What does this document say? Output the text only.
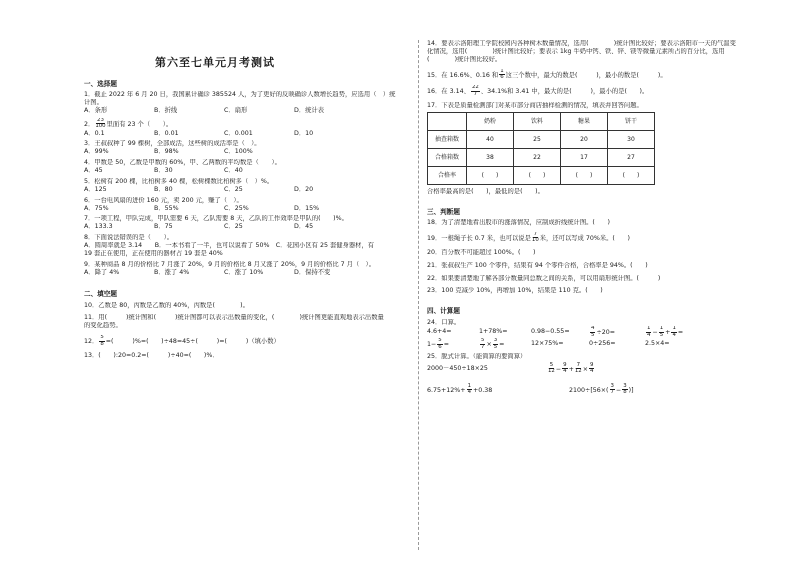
第六至七单元月考测试
一、选择题
1．截止 2022 年 6 月 20 日，我国累计确诊 385524 人，为了更好的反映确诊人数增长趋势，应选用（　）统
计图。
A．条形	B．折线	C．扇形	D．统计表
2． $\frac{23}{100}$ 里面有 23 个（　　）。
A．0.1	B．0.01	C．0.001	D．10
3．王叔叔种了 99 棵树，全部成活，这些树的成活率是（　）。
A．99%	B．98%	C．100%
4．甲数是 50，乙数是甲数的 60%，甲、乙两数的平均数是（　　）。
A．45	B．30	C．40
5．松树有 200 棵，比柏树多 40 棵，松树棵数比柏树多（　）%。
A．125	B．80	C．25	D．20
6．一台电风扇的进价 160 元，卖 200 元，赚了（　）。
A．75%	B．55%	C．25%	D．15%
7．一项工程，甲队完成，甲队需要 6 天，乙队需要 8 天，乙队的工作效率是甲队的(　　)%。
A．133.3	B．75	C．25	D．45
8．下面说法错误的是（　　）。
A．圆周率就是 3.14　　B．一本书看了一半，也可以说看了 50%　C．花园小区有 25 套健身器材，有
19 套正在使用，正在使用的器材占 19 套是 40%
9．某种商品 8 月的价格比 7 月涨了 20%，9 月的价格比 8 月又涨了 20%，9 月的价格比 7 月（　）。
A．降了 4%	B．涨了 4%	C．涨了 10%	D．保持不变
二、填空题
10．乙数是 80，丙数是乙数的 40%，丙数是(　　　　)。
11．用(　　　)统计图和(　　　)统计图都可以表示出数量的变化，(　　　　)统计图更能直观地表示出数量
的变化趋势。
12． $\frac{5}{8}$ =(　　　)%=(　　)÷48=45÷(　　　)=(　　　)（填小数）
13．(　　):20=0.2=(　　　)÷40=(　　)%．
14．要表示洛阳理工学院校园内各种树木数量情况，选用(　　　　)统计图比较好；要表示洛阳市一天的气温变
化情况，选用(　　　　)统计图比较好；要表示 1kg 牛奶中钙、铁、锌、镁等微量元素所占的百分比，选用
(　　　　)统计图比较好。
15．在 16.6%、0.16 和 $\frac{1}{6}$ 这三个数中，最大的数是(　　　)，最小的数是(　　　)。
16．在 3.14、 $\frac{22}{7}$ 、34.1%和 3.41 中，最大的是(　　　)，最小的是(　　)。
17．下表是质量检测部门对某市部分商店抽样检测的情况，填表并回答问题。
	奶粉	饮料	糖果	饼干
抽查箱数	40	25	20	30
合格箱数	38	22	17	27
合格率	(　　)	(　　)	(　　)	(　　)
合格率最高的是(　　)，最低的是(　　)。
三、判断题
18．为了清楚地看出股市的涨落情况，应制成折线统计图。(　　)
19．一根绳子长 0.7 米，也可以说是 $\frac{7}{10}$ 米，还可以写成 70%米。(　　)
20．百分数不可能超过 100%。(　　)
21．张叔叔生产 100 个零件，结果有 94 个零件合格，合格率是 94%。(　　)
22．如果要清楚地了解各部分数量同总数之间的关系，可以用扇形统计图。(　　　)
23．100 克减少 10%，再增加 10%，结果是 110 克。(　　)
四、计算题
24．口算。
4.6+4=	1+78%=	0.98−0.55=	$\frac{4}{5} \div 20=$	$\frac{1}{4} - \frac{1}{5} + \frac{1}{4}$ =
$1- \frac{5}{6}$ =	$\frac{5}{7} \times \frac{3}{5}$ =	12×75%=	0÷256=	2.5×4=
25．脱式计算。（能简算的要简算）
2000－450÷18×25	$\frac{5}{12} - \frac{9}{4} + \frac{7}{12} \times \frac{9}{4}$
$6.75+12\%+ \frac{1}{4} +0.38$	$2100\div[56\times( \frac{3}{7} - \frac{3}{8}$ )]
